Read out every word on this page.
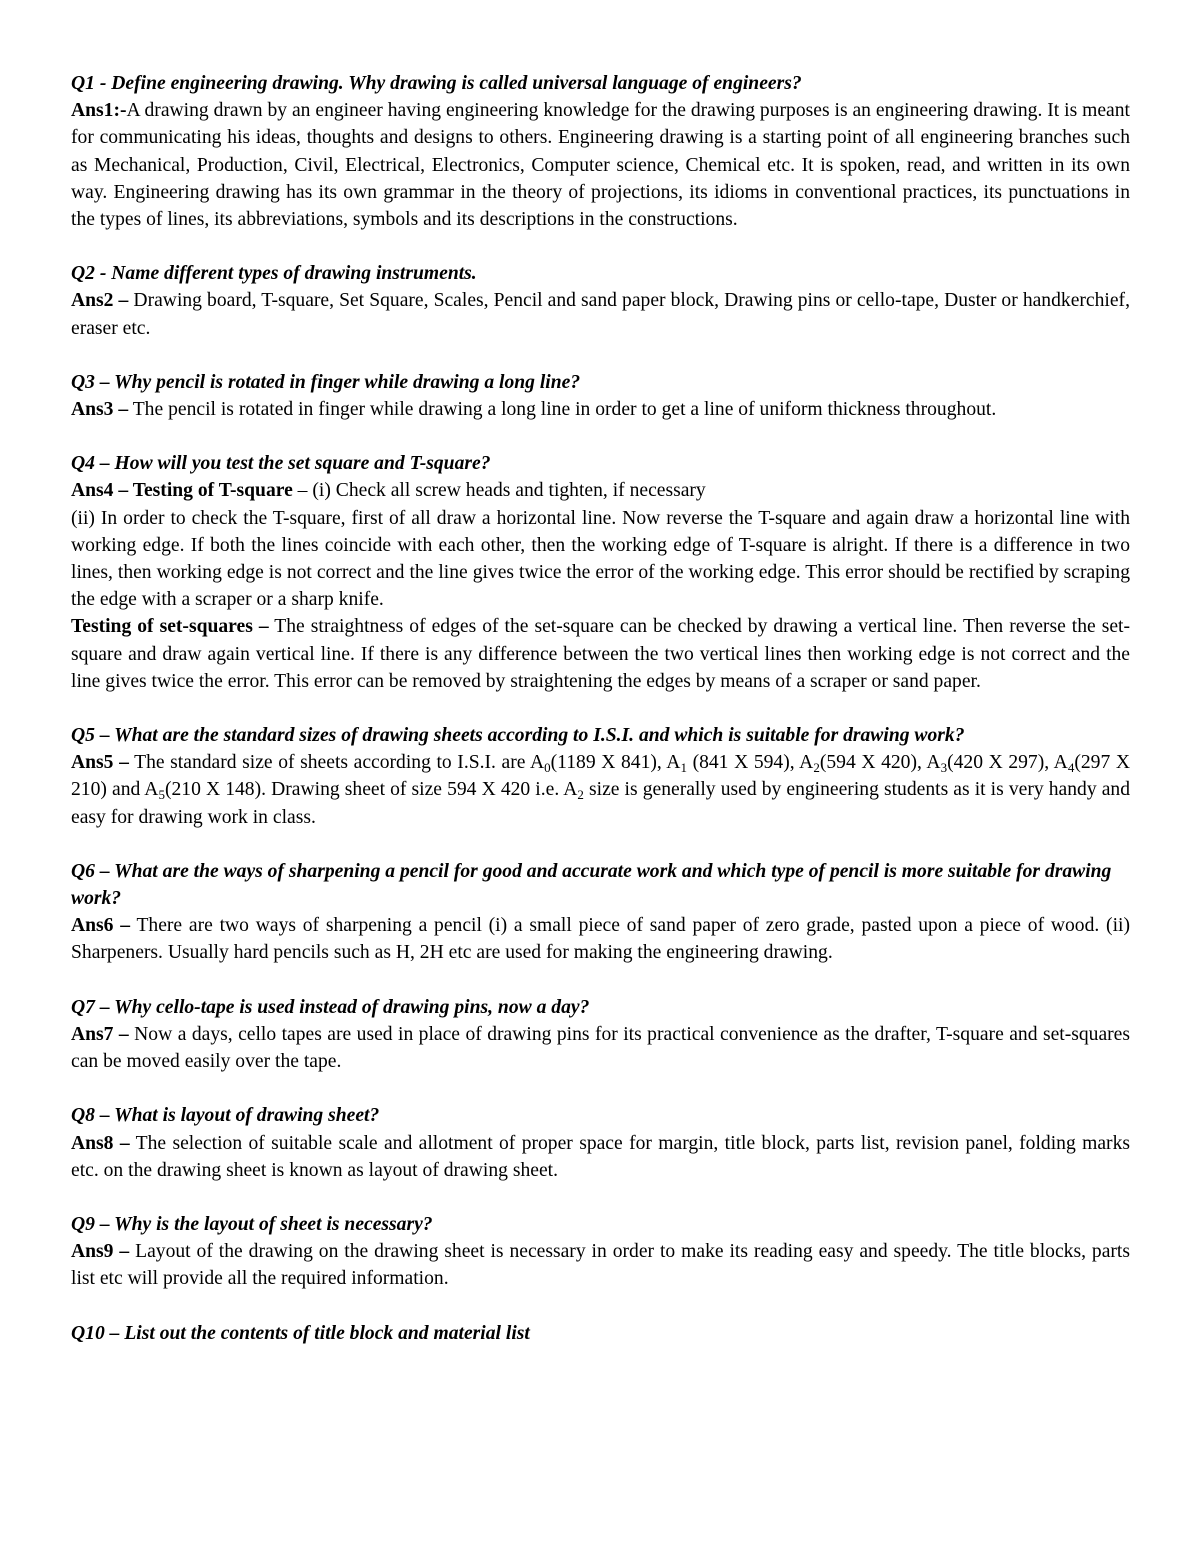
Q1 - Define engineering drawing. Why drawing is called universal language of engineers?

Ans1:-A drawing drawn by an engineer having engineering knowledge for the drawing purposes is an engineering drawing. It is meant for communicating his ideas, thoughts and designs to others. Engineering drawing is a starting point of all engineering branches such as Mechanical, Production, Civil, Electrical, Electronics, Computer science, Chemical etc. It is spoken, read, and written in its own way. Engineering drawing has its own grammar in the theory of projections, its idioms in conventional practices, its punctuations in the types of lines, its abbreviations, symbols and its descriptions in the constructions.

Q2 - Name different types of drawing instruments.

Ans2 – Drawing board, T-square, Set Square, Scales, Pencil and sand paper block, Drawing pins or cello-tape, Duster or handkerchief, eraser etc.

Q3 – Why pencil is rotated in finger while drawing a long line?

Ans3 – The pencil is rotated in finger while drawing a long line in order to get a line of uniform thickness throughout.

Q4 – How will you test the set square and T-square?

Ans4 – Testing of T-square – (i) Check all screw heads and tighten, if necessary

(ii) In order to check the T-square, first of all draw a horizontal line. Now reverse the T-square and again draw a horizontal line with working edge. If both the lines coincide with each other, then the working edge of T-square is alright. If there is a difference in two lines, then working edge is not correct and the line gives twice the error of the working edge. This error should be rectified by scraping the edge with a scraper or a sharp knife.

Testing of set-squares – The straightness of edges of the set-square can be checked by drawing a vertical line. Then reverse the set-square and draw again vertical line. If there is any difference between the two vertical lines then working edge is not correct and the line gives twice the error. This error can be removed by straightening the edges by means of a scraper or sand paper.

Q5 – What are the standard sizes of drawing sheets according to I.S.I. and which is suitable for drawing work?

Ans5 – The standard size of sheets according to I.S.I. are $A_0(1189$ X 841), $A_1$ (841 X 594), $A_2(594$ X 420), $A_3(420$ X 297), $A_4(297$ X 210) and $A_5(210$ X 148). Drawing sheet of size 594 X 420 i.e. $A_2$ size is generally used by engineering students as it is very handy and easy for drawing work in class.

Q6 – What are the ways of sharpening a pencil for good and accurate work and which type of pencil is more suitable for drawing work?

Ans6 – There are two ways of sharpening a pencil (i) a small piece of sand paper of zero grade, pasted upon a piece of wood. (ii) Sharpeners. Usually hard pencils such as H, 2H etc are used for making the engineering drawing.

Q7 – Why cello-tape is used instead of drawing pins, now a day?

Ans7 – Now a days, cello tapes are used in place of drawing pins for its practical convenience as the drafter, T-square and set-squares can be moved easily over the tape.

Q8 – What is layout of drawing sheet?

Ans8 – The selection of suitable scale and allotment of proper space for margin, title block, parts list, revision panel, folding marks etc. on the drawing sheet is known as layout of drawing sheet.

Q9 – Why is the layout of sheet is necessary?

Ans9 – Layout of the drawing on the drawing sheet is necessary in order to make its reading easy and speedy. The title blocks, parts list etc will provide all the required information.

Q10 – List out the contents of title block and material list
